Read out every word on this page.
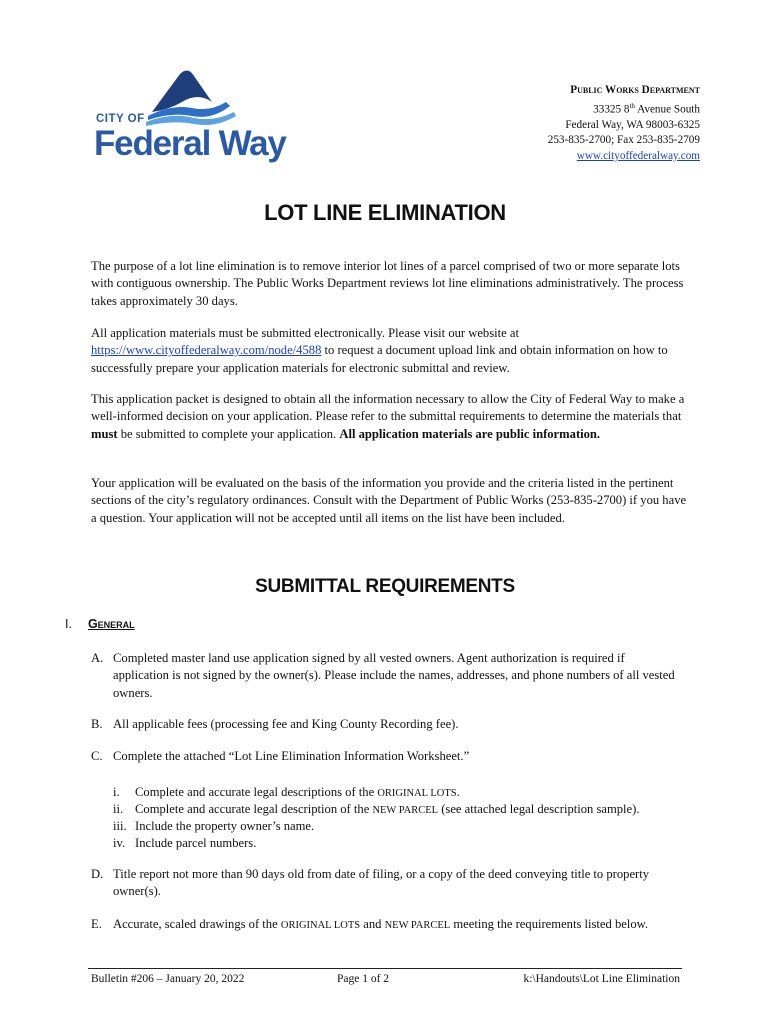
CITY OF
Federal Way
Public Works Department
33325 8th Avenue South
Federal Way, WA 98003-6325
253-835-2700; Fax 253-835-2709
www.cityoffederalway.com
LOT LINE ELIMINATION
The purpose of a lot line elimination is to remove interior lot lines of a parcel comprised of two or more separate lots with contiguous ownership. The Public Works Department reviews lot line eliminations administratively. The process takes approximately 30 days.
All application materials must be submitted electronically. Please visit our website at https://www.cityoffederalway.com/node/4588 to request a document upload link and obtain information on how to successfully prepare your application materials for electronic submittal and review.
This application packet is designed to obtain all the information necessary to allow the City of Federal Way to make a well-informed decision on your application. Please refer to the submittal requirements to determine the materials that must be submitted to complete your application. All application materials are public information.
Your application will be evaluated on the basis of the information you provide and the criteria listed in the pertinent sections of the city’s regulatory ordinances. Consult with the Department of Public Works (253-835-2700) if you have a question. Your application will not be accepted until all items on the list have been included.
SUBMITTAL REQUIREMENTS
I. General
A. Completed master land use application signed by all vested owners. Agent authorization is required if application is not signed by the owner(s). Please include the names, addresses, and phone numbers of all vested owners.
B. All applicable fees (processing fee and King County Recording fee).
C. Complete the attached “Lot Line Elimination Information Worksheet.”
i. Complete and accurate legal descriptions of the ORIGINAL LOTS.
ii. Complete and accurate legal description of the NEW PARCEL (see attached legal description sample).
iii. Include the property owner’s name.
iv. Include parcel numbers.
D. Title report not more than 90 days old from date of filing, or a copy of the deed conveying title to property owner(s).
E. Accurate, scaled drawings of the ORIGINAL LOTS and NEW PARCEL meeting the requirements listed below.
Bulletin #206 – January 20, 2022	Page 1 of 2	k:\Handouts\Lot Line Elimination
